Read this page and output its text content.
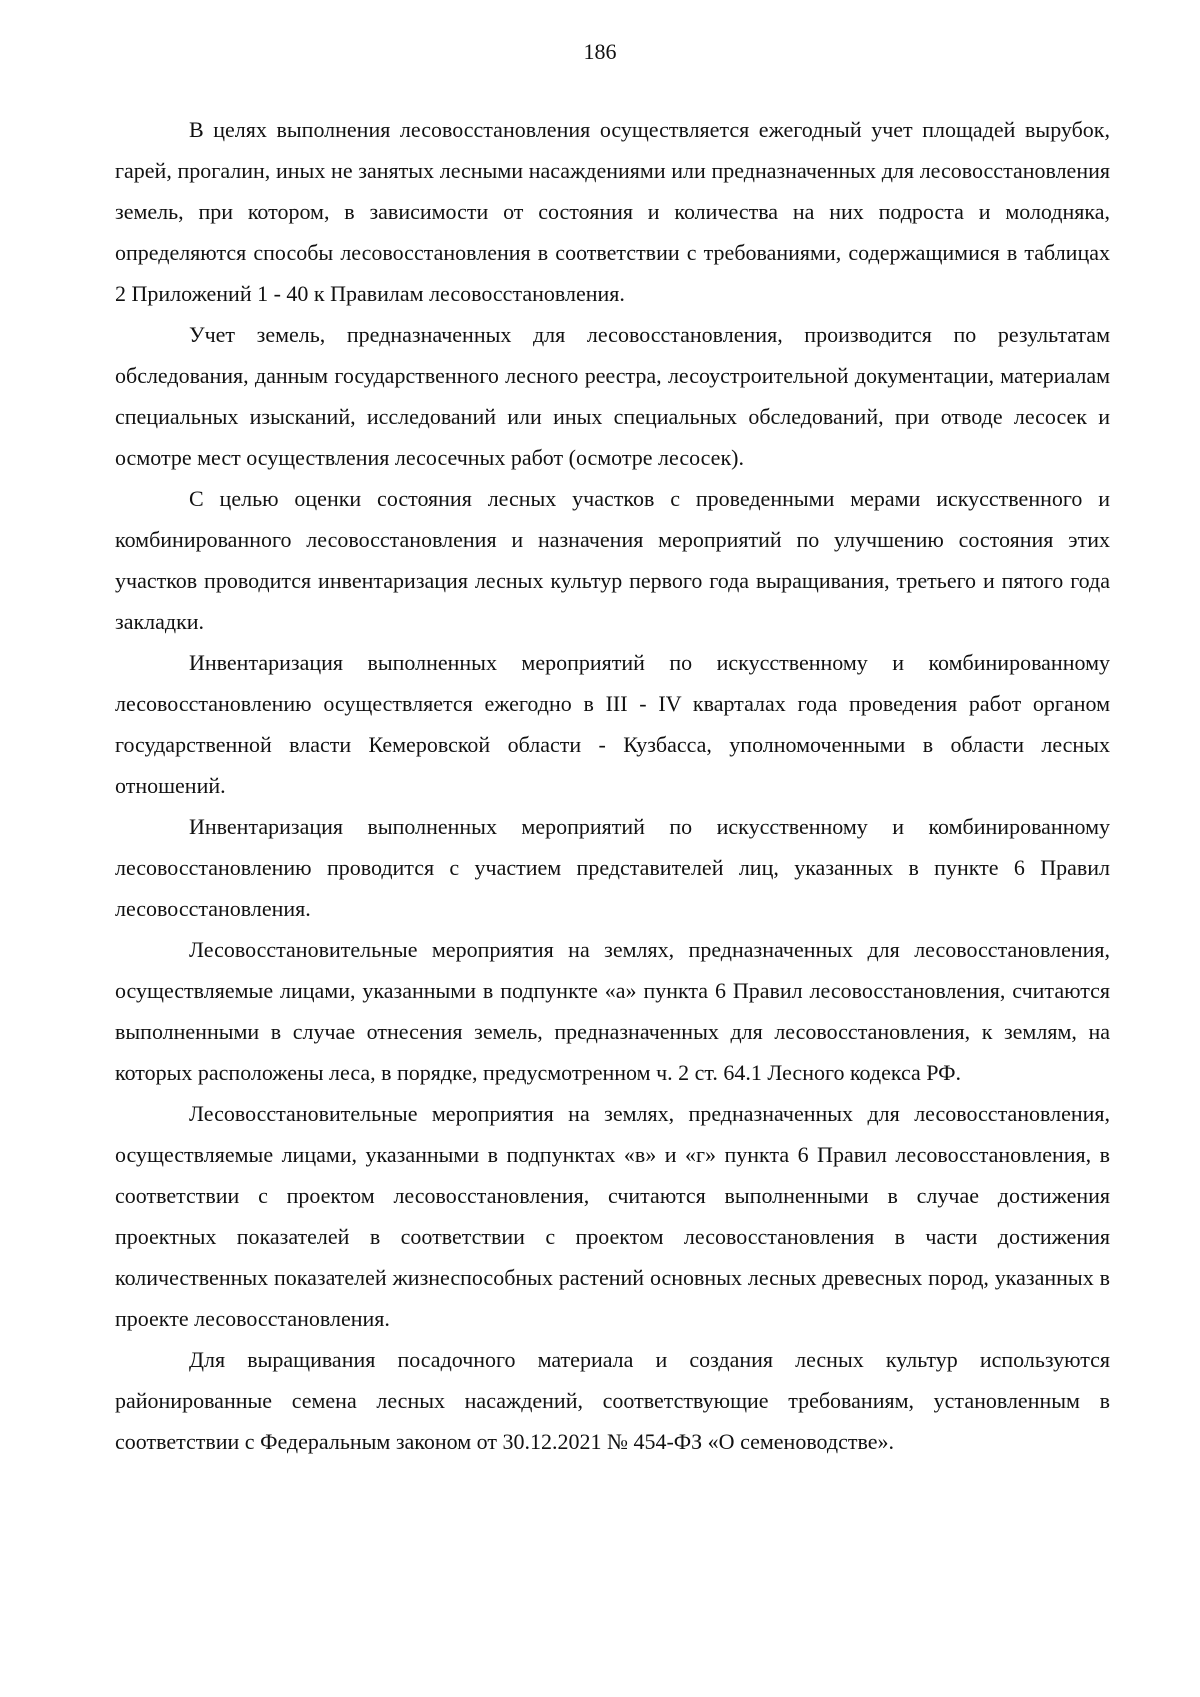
186

В целях выполнения лесовосстановления осуществляется ежегодный учет площадей вырубок, гарей, прогалин, иных не занятых лесными насаждениями или предназначенных для лесовосстановления земель, при котором, в зависимости от состояния и количества на них подроста и молодняка, определяются способы лесовосстановления в соответствии с требованиями, содержащимися в таблицах 2 Приложений 1 - 40 к Правилам лесовосстановления.

Учет земель, предназначенных для лесовосстановления, производится по результатам обследования, данным государственного лесного реестра, лесоустроительной документации, материалам специальных изысканий, исследований или иных специальных обследований, при отводе лесосек и осмотре мест осуществления лесосечных работ (осмотре лесосек).

С целью оценки состояния лесных участков с проведенными мерами искусственного и комбинированного лесовосстановления и назначения мероприятий по улучшению состояния этих участков проводится инвентаризация лесных культур первого года выращивания, третьего и пятого года закладки.

Инвентаризация выполненных мероприятий по искусственному и комбинированному лесовосстановлению осуществляется ежегодно в III - IV кварталах года проведения работ органом государственной власти Кемеровской области - Кузбасса, уполномоченными в области лесных отношений.

Инвентаризация выполненных мероприятий по искусственному и комбинированному лесовосстановлению проводится с участием представителей лиц, указанных в пункте 6 Правил лесовосстановления.

Лесовосстановительные мероприятия на землях, предназначенных для лесовосстановления, осуществляемые лицами, указанными в подпункте «а» пункта 6 Правил лесовосстановления, считаются выполненными в случае отнесения земель, предназначенных для лесовосстановления, к землям, на которых расположены леса, в порядке, предусмотренном ч. 2 ст. 64.1 Лесного кодекса РФ.

Лесовосстановительные мероприятия на землях, предназначенных для лесовосстановления, осуществляемые лицами, указанными в подпунктах «в» и «г» пункта 6 Правил лесовосстановления, в соответствии с проектом лесовосстановления, считаются выполненными в случае достижения проектных показателей в соответствии с проектом лесовосстановления в части достижения количественных показателей жизнеспособных растений основных лесных древесных пород, указанных в проекте лесовосстановления.

Для выращивания посадочного материала и создания лесных культур используются районированные семена лесных насаждений, соответствующие требованиям, установленным в соответствии с Федеральным законом от 30.12.2021 № 454-ФЗ «О семеноводстве».
